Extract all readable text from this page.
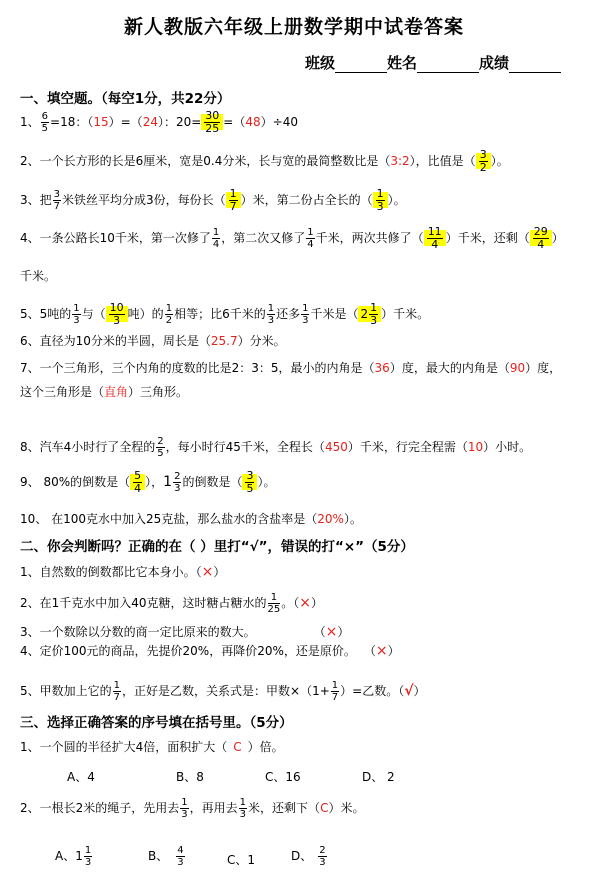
新人教版六年级上册数学期中试卷答案
班级	姓名	成绩
一、填空题。（每空1分，共22分）
1、 $\frac{6}{5} =18$：（15）=（24）：$20= \frac{30}{25} =(48)\div 40$
2、一个长方形的长是6厘米，宽是0.4分米，长与宽的最简整数比是（3:2），比值是（ $\frac{3}{2}$ ）。
3、把 $\frac{3}{7}$ 米铁丝平均分成3份，每份长（ $\frac{1}{7}$ ）米，第二份占全长的（ $\frac{1}{3}$ ）。
4、一条公路长10千米，第一次修了 $\frac{1}{4}$ ，第二次又修了 $\frac{1}{4}$ 千米，两次共修了（ $\frac{11}{4}$ ）千米，还剩（ $\frac{29}{4}$ ）
千米。
5、5吨的 $\frac{1}{3}$ 与（ $\frac{10}{3}$ 吨）的 $\frac{1}{2}$ 相等；比6千米的 $\frac{1}{3}$ 还多 $\frac{1}{3}$ 千米是（ $2 \frac{1}{3}$ ）千米。
6、直径为10分米的半圆，周长是（25.7）分米。
7、一个三角形，三个内角的度数的比是2：3：5，最小的内角是（36）度，最大的内角是（90）度，
这个三角形是（直角）三角形。
8、汽车4小时行了全程的 $\frac{2}{5}$ ，每小时行45千米，全程长（450）千米，行完全程需（10）小时。
9、 80%的倒数是（ $\frac{5}{4}$ ），$1 \frac{2}{3}$ 的倒数是（ $\frac{3}{5}$ ）。
10、 在100克水中加入25克盐，那么盐水的含盐率是（20%）。
二、你会判断吗？正确的在（ ）里打“√”，错误的打“×”（5分）
1、自然数的倒数都比它本身小。（×）
2、在1千克水中加入40克糖，这时糖占糖水的 $\frac{1}{25}$ 。（×）
3、一个数除以分数的商一定比原来的数大。	（×）
4、定价100元的商品，先提价20%，再降价20%，还是原价。 （×）
5、甲数加上它的 $\frac{1}{7}$ ，正好是乙数，关系式是：甲数$\times(1+ \frac{1}{7}$ ）=乙数。（√）
三、选择正确答案的序号填在括号里。（5分）
1、一个圆的半径扩大4倍，面积扩大（ C ）倍。
A、4	B、8	C、16	D、 2
2、一根长2米的绳子，先用去 $\frac{1}{3}$ ，再用去 $\frac{1}{3}$ 米，还剩下（C）米。
A、$1 \frac{1}{3}$	B、 $\frac{4}{3}$	C、1	D、 $\frac{2}{3}$
